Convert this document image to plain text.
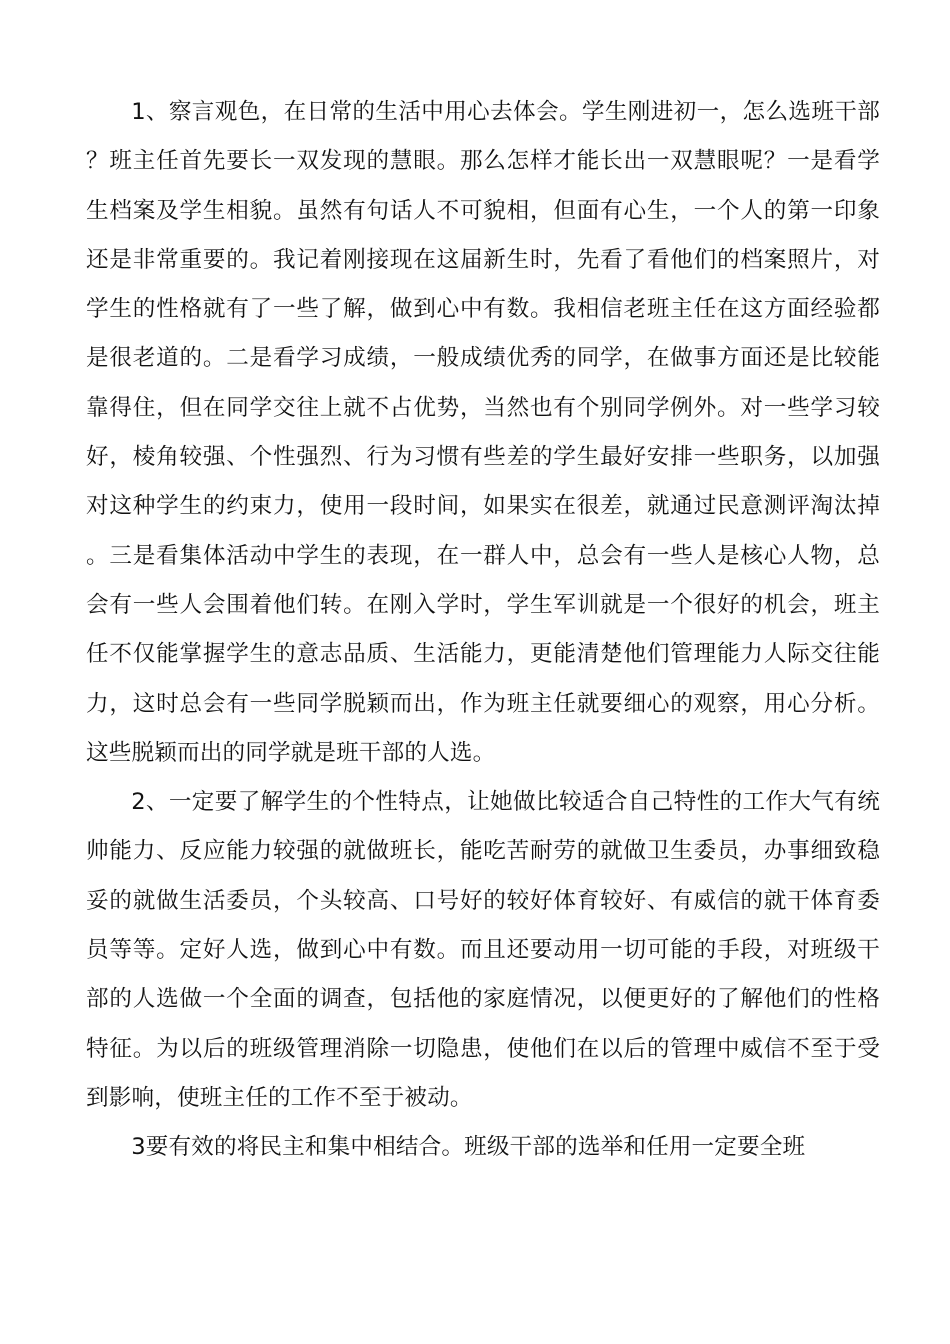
1、察言观色，在日常的生活中用心去体会。学生刚进初一，怎么选班干部？班主任首先要长一双发现的慧眼。那么怎样才能长出一双慧眼呢？一是看学生档案及学生相貌。虽然有句话人不可貌相，但面有心生，一个人的第一印象还是非常重要的。我记着刚接现在这届新生时，先看了看他们的档案照片，对学生的性格就有了一些了解，做到心中有数。我相信老班主任在这方面经验都是很老道的。二是看学习成绩，一般成绩优秀的同学，在做事方面还是比较能靠得住，但在同学交往上就不占优势，当然也有个别同学例外。对一些学习较好，棱角较强、个性强烈、行为习惯有些差的学生最好安排一些职务，以加强对这种学生的约束力，使用一段时间，如果实在很差，就通过民意测评淘汰掉。三是看集体活动中学生的表现，在一群人中，总会有一些人是核心人物，总会有一些人会围着他们转。在刚入学时，学生军训就是一个很好的机会，班主任不仅能掌握学生的意志品质、生活能力，更能清楚他们管理能力人际交往能力，这时总会有一些同学脱颖而出，作为班主任就要细心的观察，用心分析。这些脱颖而出的同学就是班干部的人选。

2、一定要了解学生的个性特点，让她做比较适合自己特性的工作大气有统帅能力、反应能力较强的就做班长，能吃苦耐劳的就做卫生委员，办事细致稳妥的就做生活委员，个头较高、口号好的较好体育较好、有威信的就干体育委员等等。定好人选，做到心中有数。而且还要动用一切可能的手段，对班级干部的人选做一个全面的调查，包括他的家庭情况，以便更好的了解他们的性格特征。为以后的班级管理消除一切隐患，使他们在以后的管理中威信不至于受到影响，使班主任的工作不至于被动。

3要有效的将民主和集中相结合。班级干部的选举和任用一定要全班
